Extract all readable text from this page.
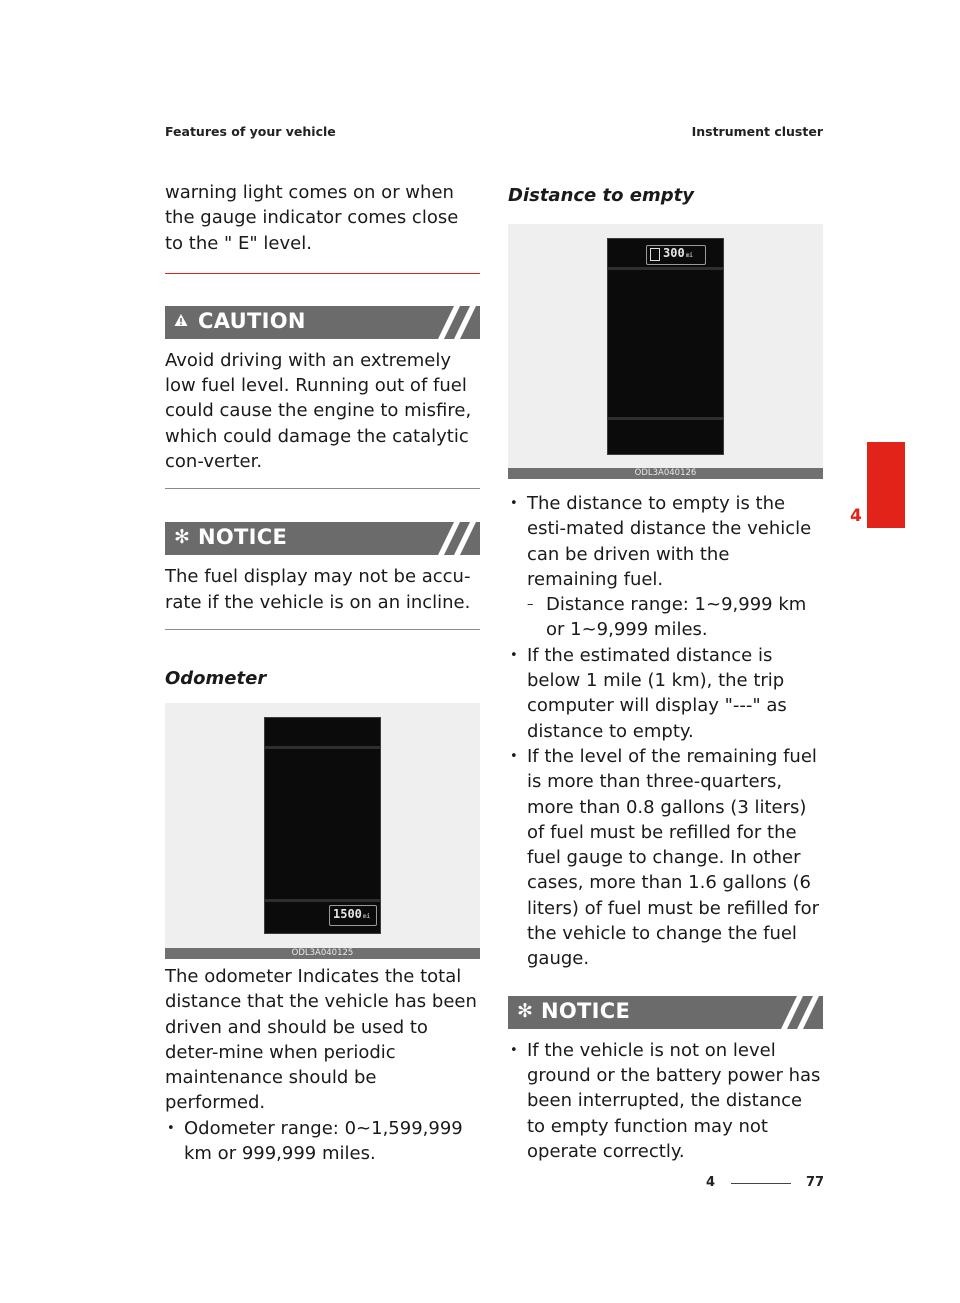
Features of your vehicle	Instrument cluster
4

warning light comes on or when the gauge indicator comes close to the " E" level.

CAUTION

Avoid driving with an extremely low fuel level. Running out of fuel could cause the engine to misfire, which could damage the catalytic con-verter.

✻ NOTICE

The fuel display may not be accu-rate if the vehicle is on an incline.

Odometer
1500mi
ODL3A040125

The odometer Indicates the total distance that the vehicle has been driven and should be used to deter-mine when periodic maintenance should be performed.

• Odometer range: 0~1,599,999 km or 999,999 miles.
Distance to empty
300mi
ODL3A040126
• The distance to empty is the esti-mated distance the vehicle can be driven with the remaining fuel.
– Distance range: 1~9,999 km or 1~9,999 miles.
• If the estimated distance is below 1 mile (1 km), the trip computer will display "---" as distance to empty.
• If the level of the remaining fuel is more than three-quarters, more than 0.8 gallons (3 liters) of fuel must be refilled for the fuel gauge to change. In other cases, more than 1.6 gallons (6 liters) of fuel must be refilled for the vehicle to change the fuel gauge.
✻ NOTICE
• If the vehicle is not on level ground or the battery power has been interrupted, the distance to empty function may not operate correctly.
4	77
